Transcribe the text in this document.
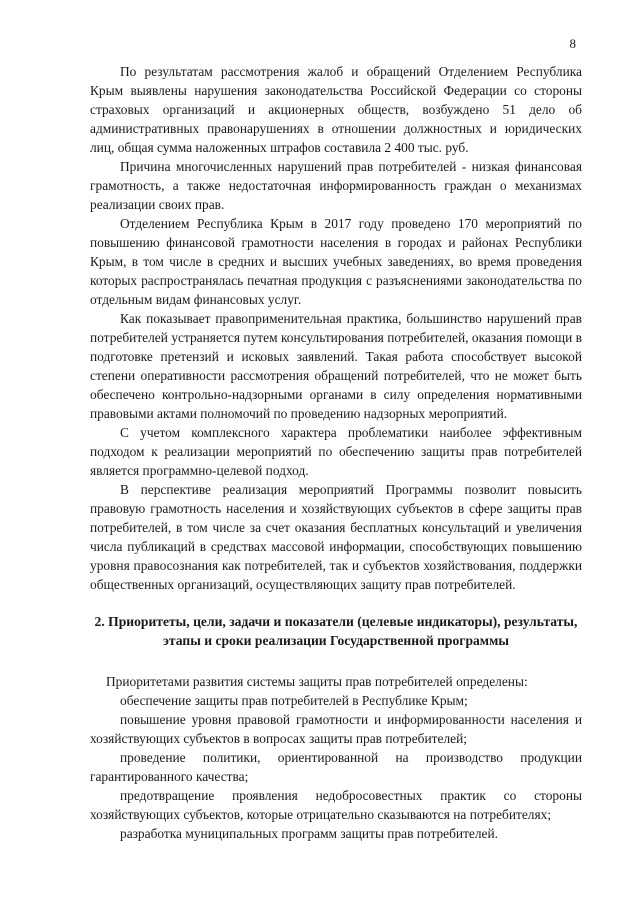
8

По результатам рассмотрения жалоб и обращений Отделением Республика Крым выявлены нарушения законодательства Российской Федерации со стороны страховых организаций и акционерных обществ, возбуждено 51 дело об административных правонарушениях в отношении должностных и юридических лиц, общая сумма наложенных штрафов составила 2 400 тыс. руб.

Причина многочисленных нарушений прав потребителей - низкая финансовая грамотность, а также недостаточная информированность граждан о механизмах реализации своих прав.

Отделением Республика Крым в 2017 году проведено 170 мероприятий по повышению финансовой грамотности населения в городах и районах Республики Крым, в том числе в средних и высших учебных заведениях, во время проведения которых распространялась печатная продукция с разъяснениями законодательства по отдельным видам финансовых услуг.

Как показывает правоприменительная практика, большинство нарушений прав потребителей устраняется путем консультирования потребителей, оказания помощи в подготовке претензий и исковых заявлений. Такая работа способствует высокой степени оперативности рассмотрения обращений потребителей, что не может быть обеспечено контрольно-надзорными органами в силу определения нормативными правовыми актами полномочий по проведению надзорных мероприятий.

С учетом комплексного характера проблематики наиболее эффективным подходом к реализации мероприятий по обеспечению защиты прав потребителей является программно-целевой подход.

В перспективе реализация мероприятий Программы позволит повысить правовую грамотность населения и хозяйствующих субъектов в сфере защиты прав потребителей, в том числе за счет оказания бесплатных консультаций и увеличения числа публикаций в средствах массовой информации, способствующих повышению уровня правосознания как потребителей, так и субъектов хозяйствования, поддержки общественных организаций, осуществляющих защиту прав потребителей.

2. Приоритеты, цели, задачи и показатели (целевые индикаторы), результаты, этапы и сроки реализации Государственной программы

Приоритетами развития системы защиты прав потребителей определены:

обеспечение защиты прав потребителей в Республике Крым;

повышение уровня правовой грамотности и информированности населения и хозяйствующих субъектов в вопросах защиты прав потребителей;

проведение политики, ориентированной на производство продукции гарантированного качества;

предотвращение проявления недобросовестных практик со стороны хозяйствующих субъектов, которые отрицательно сказываются на потребителях;

разработка муниципальных программ защиты прав потребителей.
